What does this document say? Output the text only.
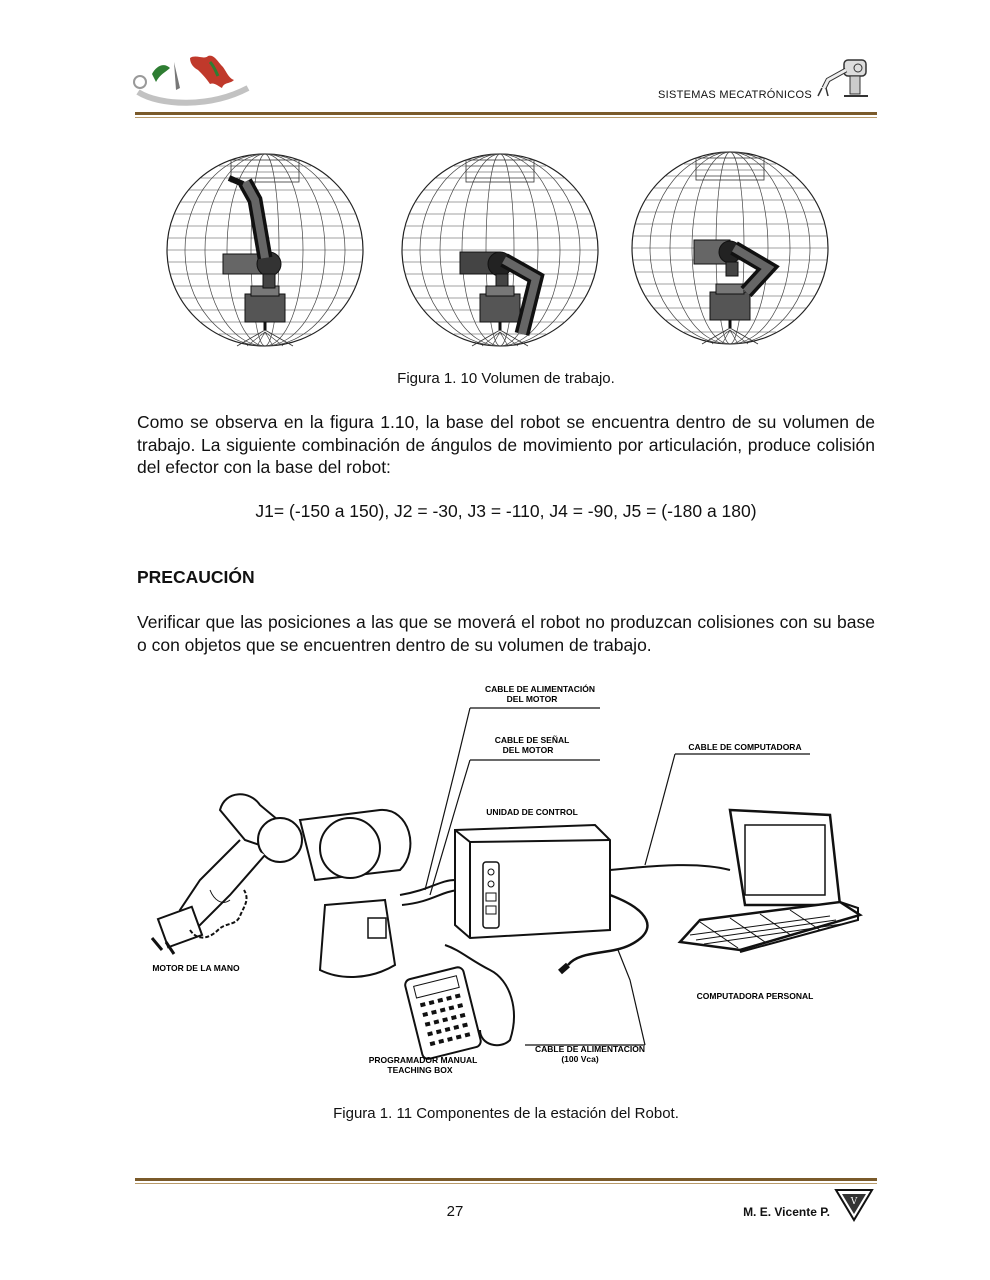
SISTEMAS MECATRÓNICOS
Figura 1. 10 Volumen de trabajo.
Como se observa en la figura 1.10, la base del robot se encuentra dentro de su volumen de trabajo. La siguiente combinación de ángulos de movimiento por articulación, produce colisión del efector con la base del robot:
J1= (-150 a 150), J2 = -30, J3 = -110, J4 = -90, J5 = (-180 a 180)
PRECAUCIÓN
Verificar que las posiciones a las que se moverá el robot no produzcan colisiones con su base o con objetos que se encuentren dentro de su volumen de trabajo.
CABLE DE ALIMENTACIÓN
DEL MOTOR
CABLE DE SEÑAL
DEL MOTOR	CABLE DE COMPUTADORA
UNIDAD DE CONTROL
MOTOR DE LA MANO
COMPUTADORA PERSONAL
PROGRAMADOR MANUAL
TEACHING BOX
CABLE DE ALIMENTACIÓN
(100 Vca)
Figura 1. 11 Componentes de la estación del Robot.
27	M. E. Vicente P.
V
